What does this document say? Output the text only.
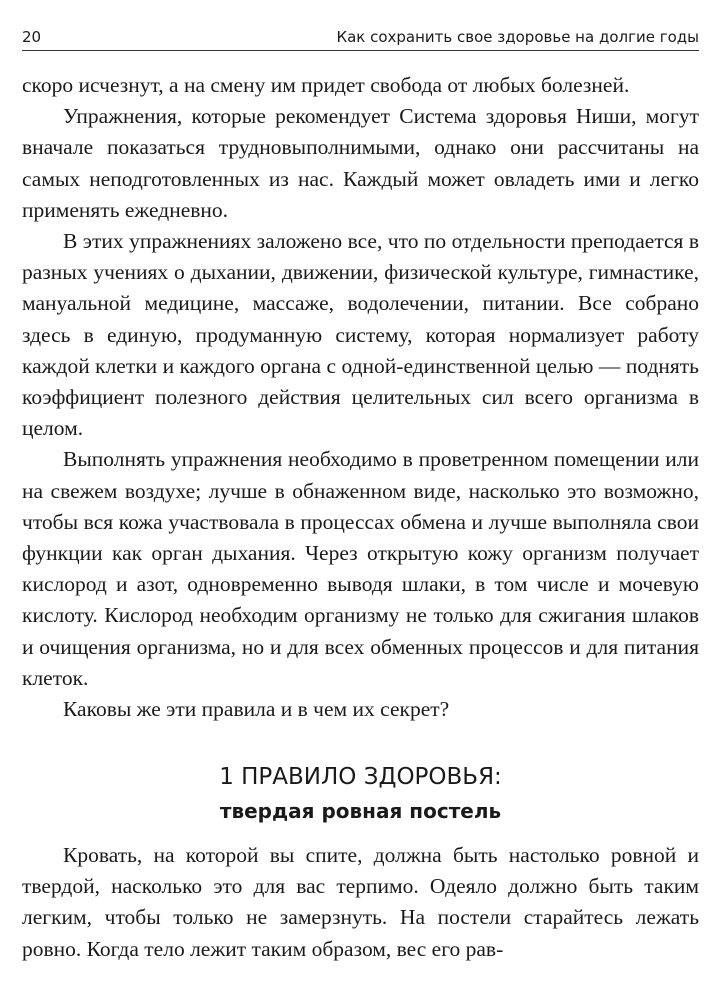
20	Как сохранить свое здоровье на долгие годы

скоро исчезнут, а на смену им придет свобода от любых болезней.

Упражнения, которые рекомендует Система здоровья Ниши, могут вначале показаться трудновыполнимыми, однако они рассчитаны на самых неподготовленных из нас. Каждый может овладеть ими и легко применять ежедневно.

В этих упражнениях заложено все, что по отдельности преподается в разных учениях о дыхании, движении, физической культуре, гимнастике, мануальной медицине, массаже, водолечении, питании. Все собрано здесь в единую, продуманную систему, которая нормализует работу каждой клетки и каждого органа с одной-единственной целью — поднять коэффициент полезного действия целительных сил всего организма в целом.

Выполнять упражнения необходимо в проветренном помещении или на свежем воздухе; лучше в обнаженном виде, насколько это возможно, чтобы вся кожа участвовала в процессах обмена и лучше выполняла свои функции как орган дыхания. Через открытую кожу организм получает кислород и азот, одновременно выводя шлаки, в том числе и мочевую кислоту. Кислород необходим организму не только для сжигания шлаков и очищения организма, но и для всех обменных процессов и для питания клеток.

Каковы же эти правила и в чем их секрет?

1 ПРАВИЛО ЗДОРОВЬЯ:
твердая ровная постель

Кровать, на которой вы спите, должна быть настолько ровной и твердой, насколько это для вас терпимо. Одеяло должно быть таким легким, чтобы только не замерзнуть. На постели старайтесь лежать ровно. Когда тело лежит таким образом, вес его рав-
